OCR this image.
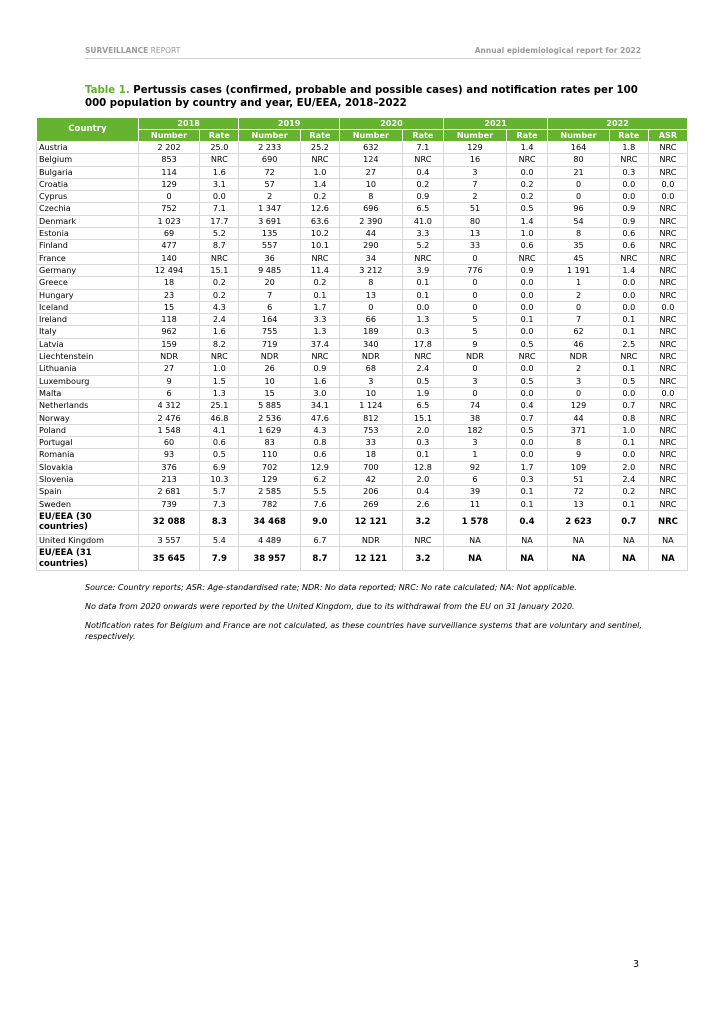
SURVEILLANCE REPORT	Annual epidemiological report for 2022
Table 1. Pertussis cases (confirmed, probable and possible cases) and notification rates per 100 000 population by country and year, EU/EEA, 2018–2022
Country	2018		2019		2020		2021		2022		
	Number	Rate	Number	Rate	Number	Rate	Number	Rate	Number	Rate	ASR
Austria	2 202	25.0	2 233	25.2	632	7.1	129	1.4	164	1.8	NRC
Belgium	853	NRC	690	NRC	124	NRC	16	NRC	80	NRC	NRC
Bulgaria	114	1.6	72	1.0	27	0.4	3	0.0	21	0.3	NRC
Croatia	129	3.1	57	1.4	10	0.2	7	0.2	0	0.0	0.0
Cyprus	0	0.0	2	0.2	8	0.9	2	0.2	0	0.0	0.0
Czechia	752	7.1	1 347	12.6	696	6.5	51	0.5	96	0.9	NRC
Denmark	1 023	17.7	3 691	63.6	2 390	41.0	80	1.4	54	0.9	NRC
Estonia	69	5.2	135	10.2	44	3.3	13	1.0	8	0.6	NRC
Finland	477	8.7	557	10.1	290	5.2	33	0.6	35	0.6	NRC
France	140	NRC	36	NRC	34	NRC	0	NRC	45	NRC	NRC
Germany	12 494	15.1	9 485	11.4	3 212	3.9	776	0.9	1 191	1.4	NRC
Greece	18	0.2	20	0.2	8	0.1	0	0.0	1	0.0	NRC
Hungary	23	0.2	7	0.1	13	0.1	0	0.0	2	0.0	NRC
Iceland	15	4.3	6	1.7	0	0.0	0	0.0	0	0.0	0.0
Ireland	118	2.4	164	3.3	66	1.3	5	0.1	7	0.1	NRC
Italy	962	1.6	755	1.3	189	0.3	5	0.0	62	0.1	NRC
Latvia	159	8.2	719	37.4	340	17.8	9	0.5	46	2.5	NRC
Liechtenstein	NDR	NRC	NDR	NRC	NDR	NRC	NDR	NRC	NDR	NRC	NRC
Lithuania	27	1.0	26	0.9	68	2.4	0	0.0	2	0.1	NRC
Luxembourg	9	1.5	10	1.6	3	0.5	3	0.5	3	0.5	NRC
Malta	6	1.3	15	3.0	10	1.9	0	0.0	0	0.0	0.0
Netherlands	4 312	25.1	5 885	34.1	1 124	6.5	74	0.4	129	0.7	NRC
Norway	2 476	46.8	2 536	47.6	812	15.1	38	0.7	44	0.8	NRC
Poland	1 548	4.1	1 629	4.3	753	2.0	182	0.5	371	1.0	NRC
Portugal	60	0.6	83	0.8	33	0.3	3	0.0	8	0.1	NRC
Romania	93	0.5	110	0.6	18	0.1	1	0.0	9	0.0	NRC
Slovakia	376	6.9	702	12.9	700	12.8	92	1.7	109	2.0	NRC
Slovenia	213	10.3	129	6.2	42	2.0	6	0.3	51	2.4	NRC
Spain	2 681	5.7	2 585	5.5	206	0.4	39	0.1	72	0.2	NRC
Sweden	739	7.3	782	7.6	269	2.6	11	0.1	13	0.1	NRC
EU/EEA (30 countries)	32 088	8.3	34 468	9.0	12 121	3.2	1 578	0.4	2 623	0.7	NRC
United Kingdom	3 557	5.4	4 489	6.7	NDR	NRC	NA	NA	NA	NA	NA
EU/EEA (31 countries)	35 645	7.9	38 957	8.7	12 121	3.2	NA	NA	NA	NA	NA

Source: Country reports; ASR: Age-standardised rate; NDR: No data reported; NRC: No rate calculated; NA: Not applicable.

No data from 2020 onwards were reported by the United Kingdom, due to its withdrawal from the EU on 31 January 2020.

Notification rates for Belgium and France are not calculated, as these countries have surveillance systems that are voluntary and sentinel, respectively.

3
